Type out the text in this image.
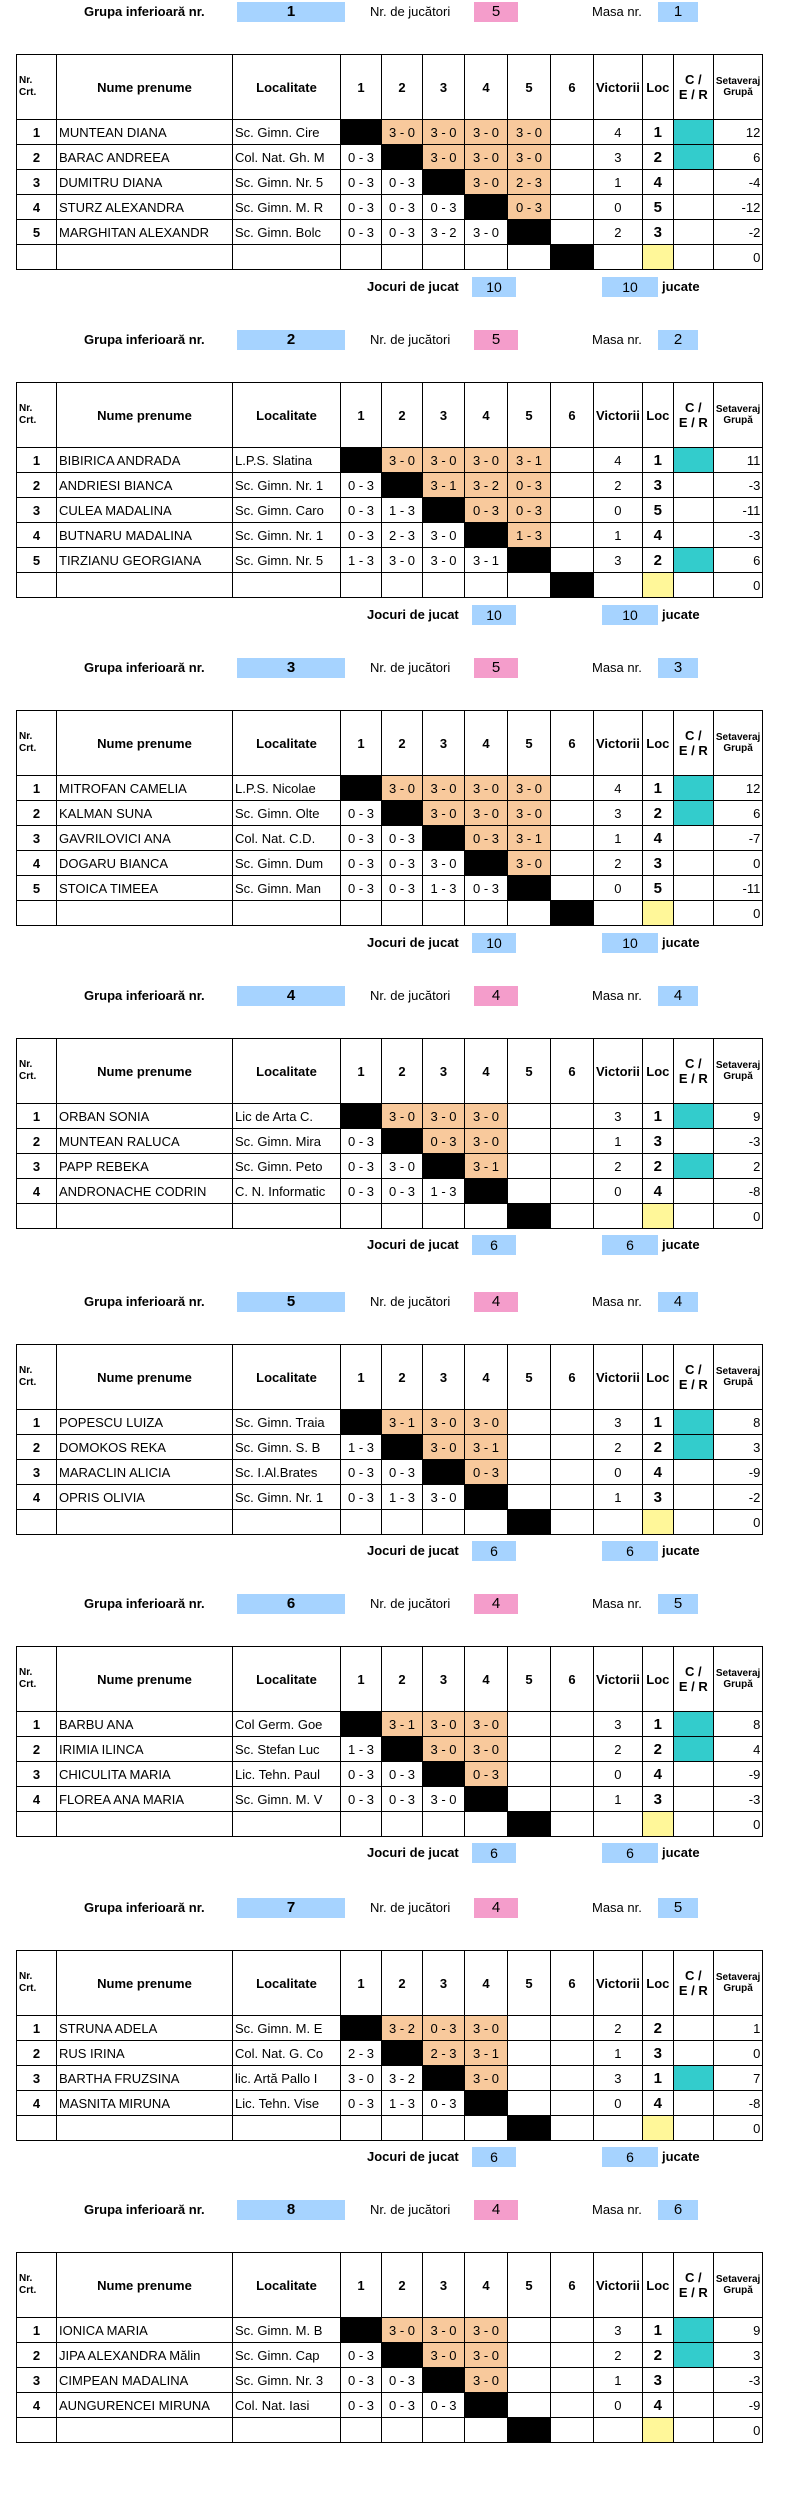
Grupa inferioară nr.	1	Nr. de jucători	5	Masa nr.	1
Nr.
Crt.	Nume prenume	Localitate	1	2	3	4	5	6	Victorii	Loc	C /
E / R	Setaveraj
Grupă
1	MUNTEAN DIANA	Sc. Gimn. Cire		3 - 0	3 - 0	3 - 0	3 - 0		4	1		12
2	BARAC ANDREEA	Col. Nat. Gh. M	0 - 3		3 - 0	3 - 0	3 - 0		3	2		6
3	DUMITRU DIANA	Sc. Gimn. Nr. 5	0 - 3	0 - 3		3 - 0	2 - 3		1	4		-4
4	STURZ ALEXANDRA	Sc. Gimn. M. R	0 - 3	0 - 3	0 - 3		0 - 3		0	5		-12
5	MARGHITAN ALEXANDR	Sc. Gimn. Bolc	0 - 3	0 - 3	3 - 2	3 - 0			2	3		-2
												0
Jocuri de jucat	10	10	jucate
Grupa inferioară nr.	2	Nr. de jucători	5	Masa nr.	2
Nr.
Crt.	Nume prenume	Localitate	1	2	3	4	5	6	Victorii	Loc	C /
E / R	Setaveraj
Grupă
1	BIBIRICA ANDRADA	L.P.S. Slatina		3 - 0	3 - 0	3 - 0	3 - 1		4	1		11
2	ANDRIESI BIANCA	Sc. Gimn. Nr. 1	0 - 3		3 - 1	3 - 2	0 - 3		2	3		-3
3	CULEA MADALINA	Sc. Gimn. Caro	0 - 3	1 - 3		0 - 3	0 - 3		0	5		-11
4	BUTNARU MADALINA	Sc. Gimn. Nr. 1	0 - 3	2 - 3	3 - 0		1 - 3		1	4		-3
5	TIRZIANU GEORGIANA	Sc. Gimn. Nr. 5	1 - 3	3 - 0	3 - 0	3 - 1			3	2		6
												0
Jocuri de jucat	10	10	jucate
Grupa inferioară nr.	3	Nr. de jucători	5	Masa nr.	3
Nr.
Crt.	Nume prenume	Localitate	1	2	3	4	5	6	Victorii	Loc	C /
E / R	Setaveraj
Grupă
1	MITROFAN CAMELIA	L.P.S. Nicolae		3 - 0	3 - 0	3 - 0	3 - 0		4	1		12
2	KALMAN SUNA	Sc. Gimn. Olte	0 - 3		3 - 0	3 - 0	3 - 0		3	2		6
3	GAVRILOVICI ANA	Col. Nat. C.D.	0 - 3	0 - 3		0 - 3	3 - 1		1	4		-7
4	DOGARU BIANCA	Sc. Gimn. Dum	0 - 3	0 - 3	3 - 0		3 - 0		2	3		0
5	STOICA TIMEEA	Sc. Gimn. Man	0 - 3	0 - 3	1 - 3	0 - 3			0	5		-11
												0
Jocuri de jucat	10	10	jucate
Grupa inferioară nr.	4	Nr. de jucători	4	Masa nr.	4
Nr.
Crt.	Nume prenume	Localitate	1	2	3	4	5	6	Victorii	Loc	C /
E / R	Setaveraj
Grupă
1	ORBAN SONIA	Lic de Arta C.		3 - 0	3 - 0	3 - 0			3	1		9
2	MUNTEAN RALUCA	Sc. Gimn. Mira	0 - 3		0 - 3	3 - 0			1	3		-3
3	PAPP REBEKA	Sc. Gimn. Peto	0 - 3	3 - 0		3 - 1			2	2		2
4	ANDRONACHE CODRIN	C. N. Informatic	0 - 3	0 - 3	1 - 3				0	4		-8
												0
Jocuri de jucat	6	6	jucate
Grupa inferioară nr.	5	Nr. de jucători	4	Masa nr.	4
Nr.
Crt.	Nume prenume	Localitate	1	2	3	4	5	6	Victorii	Loc	C /
E / R	Setaveraj
Grupă
1	POPESCU LUIZA	Sc. Gimn. Traia		3 - 1	3 - 0	3 - 0			3	1		8
2	DOMOKOS REKA	Sc. Gimn. S. B	1 - 3		3 - 0	3 - 1			2	2		3
3	MARACLIN ALICIA	Sc. I.Al.Brates	0 - 3	0 - 3		0 - 3			0	4		-9
4	OPRIS OLIVIA	Sc. Gimn. Nr. 1	0 - 3	1 - 3	3 - 0				1	3		-2
												0
Jocuri de jucat	6	6	jucate
Grupa inferioară nr.	6	Nr. de jucători	4	Masa nr.	5
Nr.
Crt.	Nume prenume	Localitate	1	2	3	4	5	6	Victorii	Loc	C /
E / R	Setaveraj
Grupă
1	BARBU ANA	Col Germ. Goe		3 - 1	3 - 0	3 - 0			3	1		8
2	IRIMIA ILINCA	Sc. Stefan Luc	1 - 3		3 - 0	3 - 0			2	2		4
3	CHICULITA MARIA	Lic. Tehn. Paul	0 - 3	0 - 3		0 - 3			0	4		-9
4	FLOREA ANA MARIA	Sc. Gimn. M. V	0 - 3	0 - 3	3 - 0				1	3		-3
												0
Jocuri de jucat	6	6	jucate
Grupa inferioară nr.	7	Nr. de jucători	4	Masa nr.	5
Nr.
Crt.	Nume prenume	Localitate	1	2	3	4	5	6	Victorii	Loc	C /
E / R	Setaveraj
Grupă
1	STRUNA ADELA	Sc. Gimn. M. E		3 - 2	0 - 3	3 - 0			2	2		1
2	RUS IRINA	Col. Nat. G. Co	2 - 3		2 - 3	3 - 1			1	3		0
3	BARTHA FRUZSINA	lic. Artă Pallo I	3 - 0	3 - 2		3 - 0			3	1		7
4	MASNITA MIRUNA	Lic. Tehn. Vise	0 - 3	1 - 3	0 - 3				0	4		-8
												0
Jocuri de jucat	6	6	jucate
Grupa inferioară nr.	8	Nr. de jucători	4	Masa nr.	6
Nr.
Crt.	Nume prenume	Localitate	1	2	3	4	5	6	Victorii	Loc	C /
E / R	Setaveraj
Grupă
1	IONICA MARIA	Sc. Gimn. M. B		3 - 0	3 - 0	3 - 0			3	1		9
2	JIPA ALEXANDRA Mălin	Sc. Gimn. Cap	0 - 3		3 - 0	3 - 0			2	2		3
3	CIMPEAN MADALINA	Sc. Gimn. Nr. 3	0 - 3	0 - 3		3 - 0			1	3		-3
4	AUNGURENCEI MIRUNA	Col. Nat. Iasi	0 - 3	0 - 3	0 - 3				0	4		-9
												0
